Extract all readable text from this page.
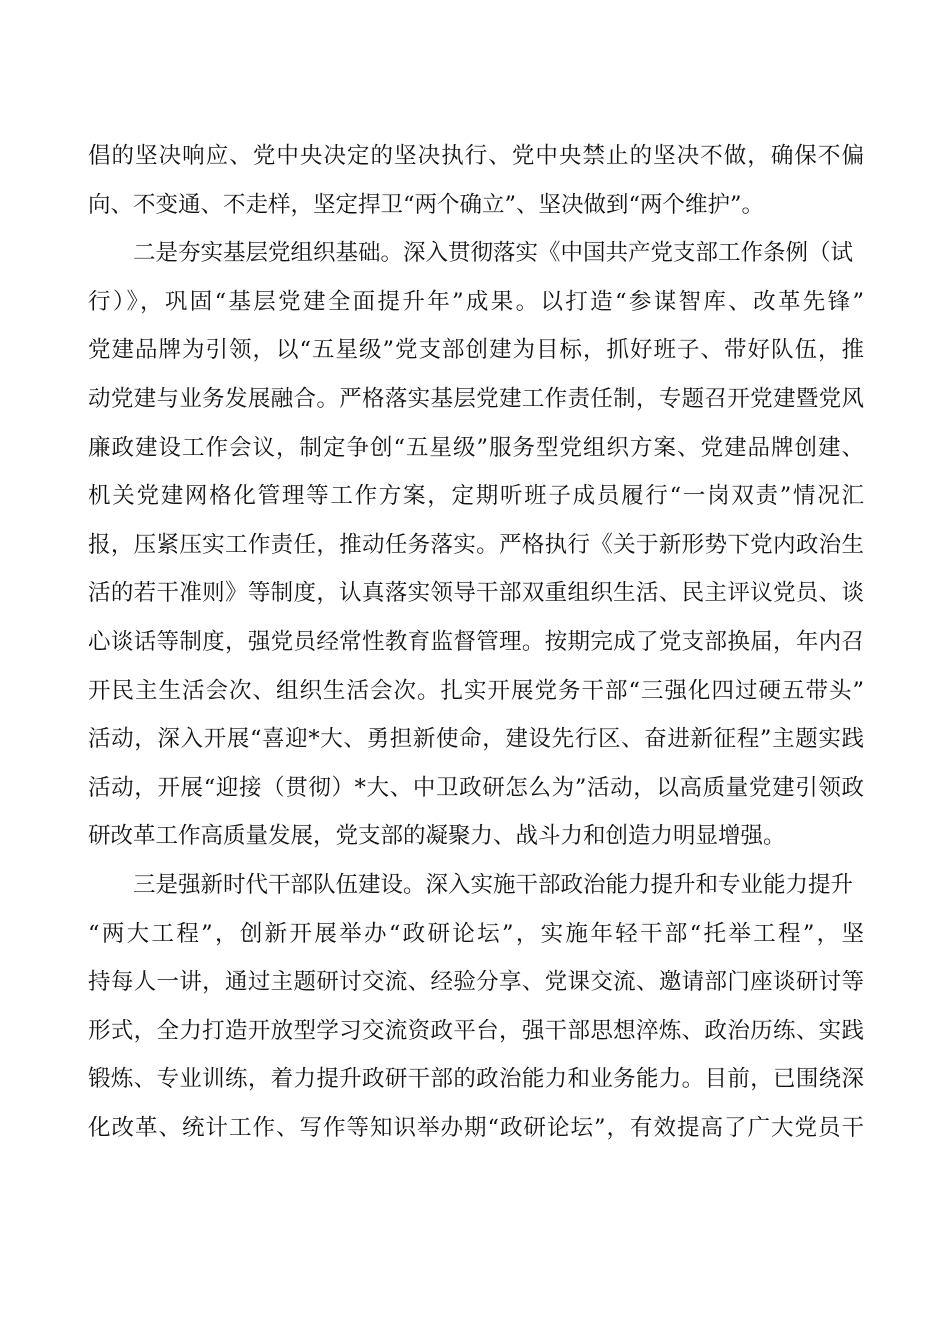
倡的坚决响应、党中央决定的坚决执行、党中央禁止的坚决不做，确保不偏
向、不变通、不走样，坚定捍卫“两个确立”、坚决做到“两个维护”。
二是夯实基层党组织基础。深入贯彻落实《中国共产党支部工作条例（试
行）》，巩固“基层党建全面提升年”成果。以打造“参谋智库、改革先锋”
党建品牌为引领，以“五星级”党支部创建为目标，抓好班子、带好队伍，推
动党建与业务发展融合。严格落实基层党建工作责任制，专题召开党建暨党风
廉政建设工作会议，制定争创“五星级”服务型党组织方案、党建品牌创建、
机关党建网格化管理等工作方案，定期听班子成员履行“一岗双责”情况汇
报，压紧压实工作责任，推动任务落实。严格执行《关于新形势下党内政治生
活的若干准则》等制度，认真落实领导干部双重组织生活、民主评议党员、谈
心谈话等制度，强党员经常性教育监督管理。按期完成了党支部换届，年内召
开民主生活会次、组织生活会次。扎实开展党务干部“三强化四过硬五带头”
活动，深入开展“喜迎*大、勇担新使命，建设先行区、奋进新征程”主题实践
活动，开展“迎接（贯彻）*大、中卫政研怎么为”活动，以高质量党建引领政
研改革工作高质量发展，党支部的凝聚力、战斗力和创造力明显增强。
三是强新时代干部队伍建设。深入实施干部政治能力提升和专业能力提升
“两大工程”，创新开展举办“政研论坛”，实施年轻干部“托举工程”，坚
持每人一讲，通过主题研讨交流、经验分享、党课交流、邀请部门座谈研讨等
形式，全力打造开放型学习交流资政平台，强干部思想淬炼、政治历练、实践
锻炼、专业训练，着力提升政研干部的政治能力和业务能力。目前，已围绕深
化改革、统计工作、写作等知识举办期“政研论坛”，有效提高了广大党员干
